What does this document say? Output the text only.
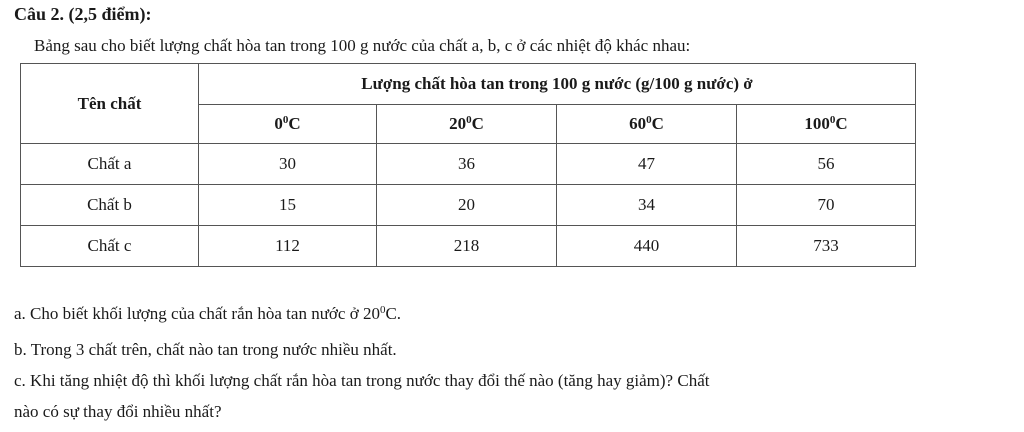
Câu 2. (2,5 điểm):
Bảng sau cho biết lượng chất hòa tan trong 100 g nước của chất a, b, c ở các nhiệt độ khác nhau:
Tên chất	Lượng chất hòa tan trong 100 g nước (g/100 g nước) ở			
	$0^0C$	$20^0C$	$60^0C$	$100^0C$
Chất a	30	36	47	56
Chất b	15	20	34	70
Chất c	112	218	440	733
a. Cho biết khối lượng của chất rắn hòa tan nước ở $20^0C$.
b. Trong 3 chất trên, chất nào tan trong nước nhiều nhất.
c. Khi tăng nhiệt độ thì khối lượng chất rắn hòa tan trong nước thay đổi thế nào (tăng hay giảm)? Chất
nào có sự thay đổi nhiều nhất?
